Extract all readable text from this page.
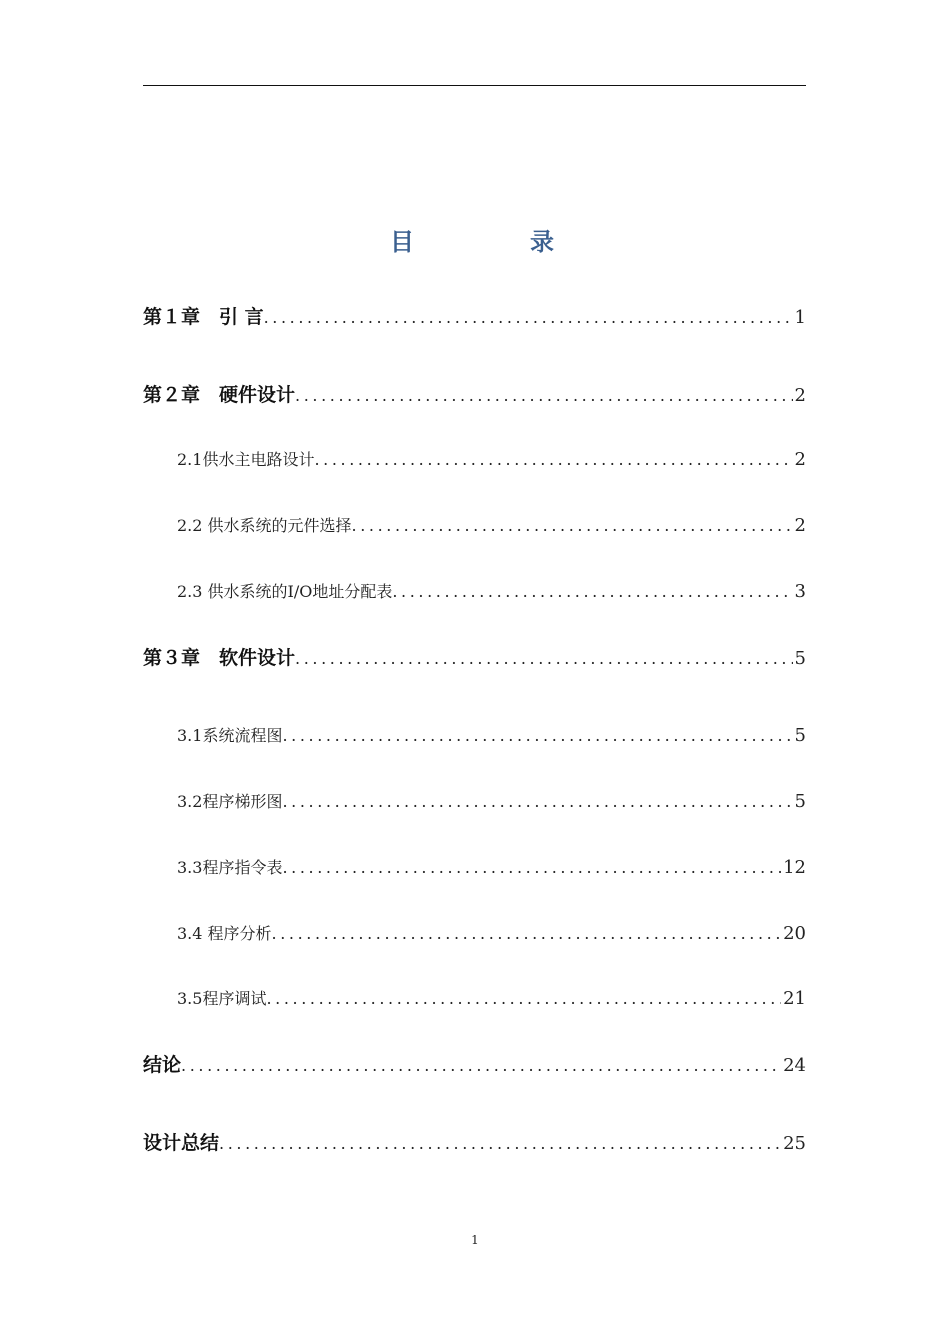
目　录
第１章　引 言 .....	1
第２章　硬件设计 .....	2
2.1供水主电路设计 .....	2
2.2 供水系统的元件选择 .....	2
2.3 供水系统的I/O地址分配表 .....	3
第３章　软件设计 .....	5
3.1系统流程图 .....	5
3.2程序梯形图 .....	5
3.3程序指令表 .....	12
3.4 程序分析 .....	20
3.5程序调试 .....	21
结论 .....	24
设计总结 .....	25
1
